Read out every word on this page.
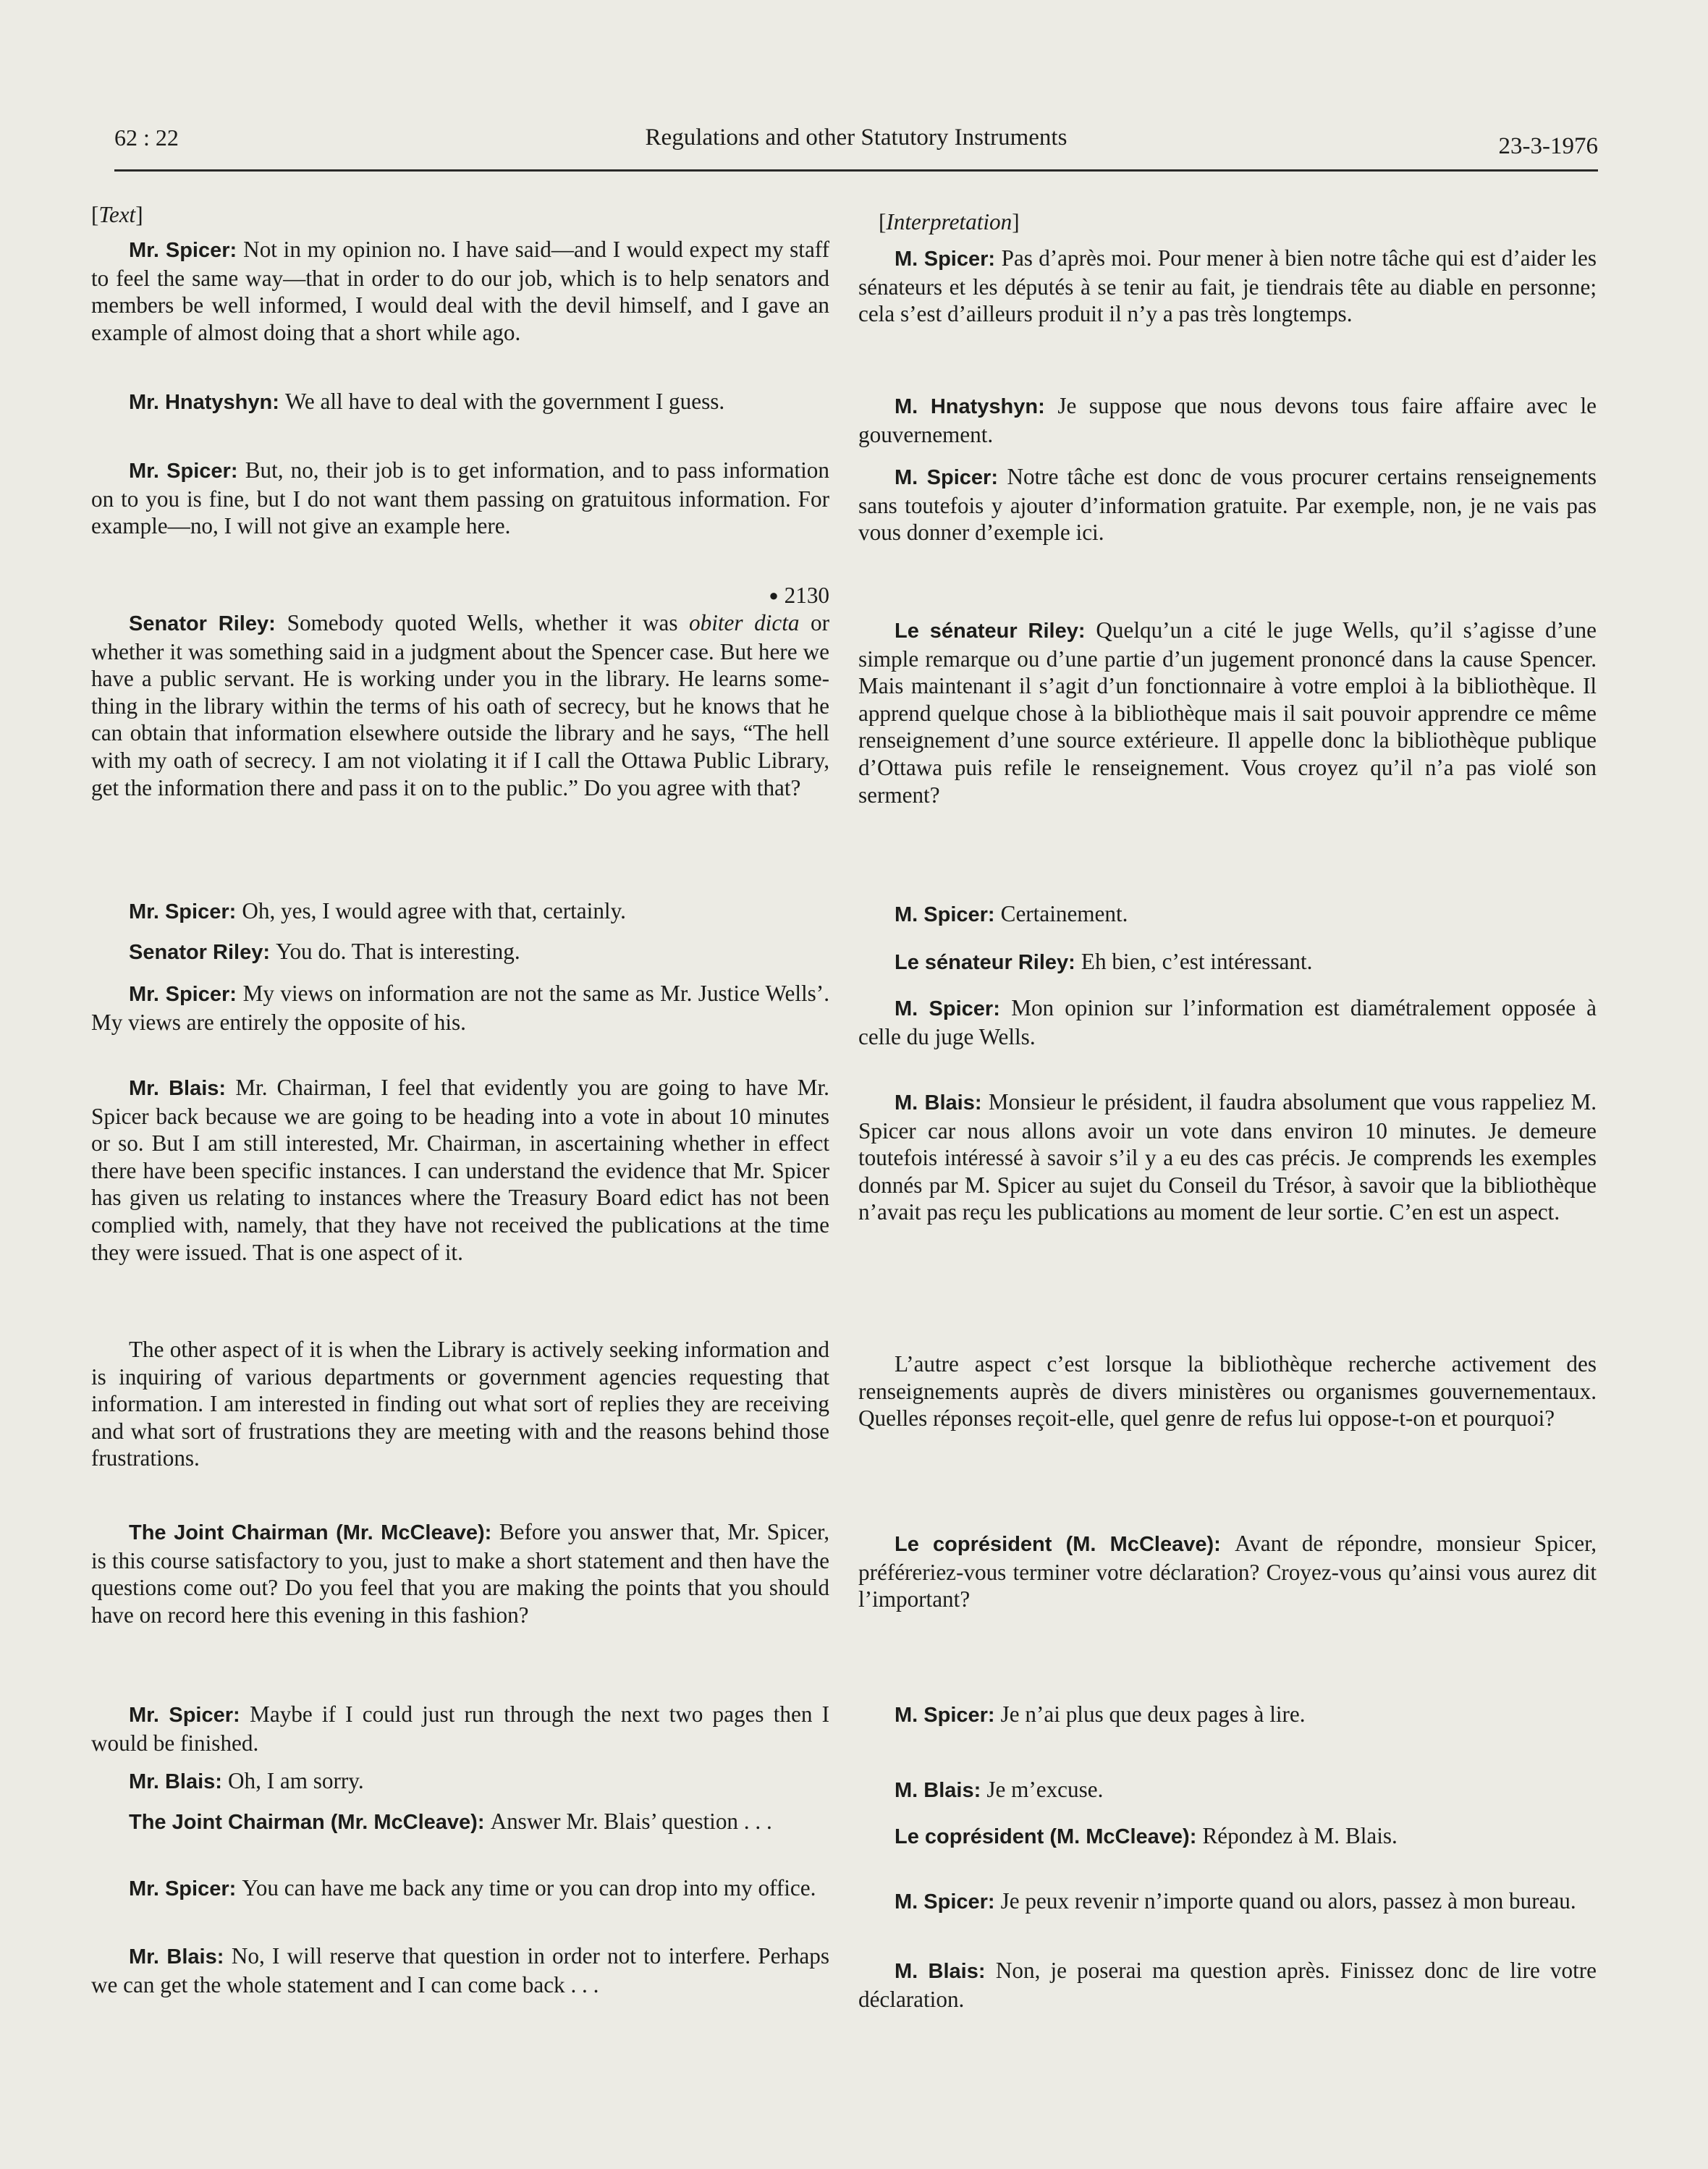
62 : 22	Regulations and other Statutory Instruments	23-3-1976

[Text]

Mr. Spicer: Not in my opinion no. I have said—and I would expect my staff to feel the same way—that in order to do our job, which is to help senators and members be well informed, I would deal with the devil himself, and I gave an example of almost doing that a short while ago.

Mr. Hnatyshyn: We all have to deal with the government I guess.

Mr. Spicer: But, no, their job is to get information, and to pass information on to you is fine, but I do not want them passing on gratuitous information. For example—no, I will not give an example here.

● 2130

Senator Riley: Somebody quoted Wells, whether it was obiter dicta or whether it was something said in a judgment about the Spencer case. But here we have a public servant. He is working under you in the library. He learns something in the library within the terms of his oath of secrecy, but he knows that he can obtain that information elsewhere outside the library and he says, “The hell with my oath of secrecy. I am not violating it if I call the Ottawa Public Library, get the information there and pass it on to the public.” Do you agree with that?

Mr. Spicer: Oh, yes, I would agree with that, certainly.

Senator Riley: You do. That is interesting.

Mr. Spicer: My views on information are not the same as Mr. Justice Wells’. My views are entirely the opposite of his.

Mr. Blais: Mr. Chairman, I feel that evidently you are going to have Mr. Spicer back because we are going to be heading into a vote in about 10 minutes or so. But I am still interested, Mr. Chairman, in ascertaining whether in effect there have been specific instances. I can understand the evidence that Mr. Spicer has given us relating to instances where the Treasury Board edict has not been complied with, namely, that they have not received the publications at the time they were issued. That is one aspect of it.

The other aspect of it is when the Library is actively seeking information and is inquiring of various departments or government agencies requesting that information. I am interested in finding out what sort of replies they are receiving and what sort of frustrations they are meeting with and the reasons behind those frustrations.

The Joint Chairman (Mr. McCleave): Before you answer that, Mr. Spicer, is this course satisfactory to you, just to make a short statement and then have the questions come out? Do you feel that you are making the points that you should have on record here this evening in this fashion?

Mr. Spicer: Maybe if I could just run through the next two pages then I would be finished.

Mr. Blais: Oh, I am sorry.

The Joint Chairman (Mr. McCleave): Answer Mr. Blais’ question . . .

Mr. Spicer: You can have me back any time or you can drop into my office.

Mr. Blais: No, I will reserve that question in order not to interfere. Perhaps we can get the whole statement and I can come back . . .

[Interpretation]

M. Spicer: Pas d’après moi. Pour mener à bien notre tâche qui est d’aider les sénateurs et les députés à se tenir au fait, je tiendrais tête au diable en personne; cela s’est d’ailleurs produit il n’y a pas très longtemps.

M. Hnatyshyn: Je suppose que nous devons tous faire affaire avec le gouvernement.

M. Spicer: Notre tâche est donc de vous procurer certains renseignements sans toutefois y ajouter d’information gratuite. Par exemple, non, je ne vais pas vous donner d’exemple ici.

Le sénateur Riley: Quelqu’un a cité le juge Wells, qu’il s’agisse d’une simple remarque ou d’une partie d’un jugement prononcé dans la cause Spencer. Mais maintenant il s’agit d’un fonctionnaire à votre emploi à la bibliothèque. Il apprend quelque chose à la bibliothèque mais il sait pouvoir apprendre ce même renseignement d’une source extérieure. Il appelle donc la bibliothèque publique d’Ottawa puis refile le renseignement. Vous croyez qu’il n’a pas violé son serment?

M. Spicer: Certainement.

Le sénateur Riley: Eh bien, c’est intéressant.

M. Spicer: Mon opinion sur l’information est diamétralement opposée à celle du juge Wells.

M. Blais: Monsieur le président, il faudra absolument que vous rappeliez M. Spicer car nous allons avoir un vote dans environ 10 minutes. Je demeure toutefois intéressé à savoir s’il y a eu des cas précis. Je comprends les exemples donnés par M. Spicer au sujet du Conseil du Trésor, à savoir que la bibliothèque n’avait pas reçu les publications au moment de leur sortie. C’en est un aspect.

L’autre aspect c’est lorsque la bibliothèque recherche activement des renseignements auprès de divers ministères ou organismes gouvernementaux. Quelles réponses reçoit-elle, quel genre de refus lui oppose-t-on et pourquoi?

Le coprésident (M. McCleave): Avant de répondre, monsieur Spicer, préféreriez-vous terminer votre déclaration? Croyez-vous qu’ainsi vous aurez dit l’important?

M. Spicer: Je n’ai plus que deux pages à lire.

M. Blais: Je m’excuse.

Le coprésident (M. McCleave): Répondez à M. Blais.

M. Spicer: Je peux revenir n’importe quand ou alors, passez à mon bureau.

M. Blais: Non, je poserai ma question après. Finissez donc de lire votre déclaration.
